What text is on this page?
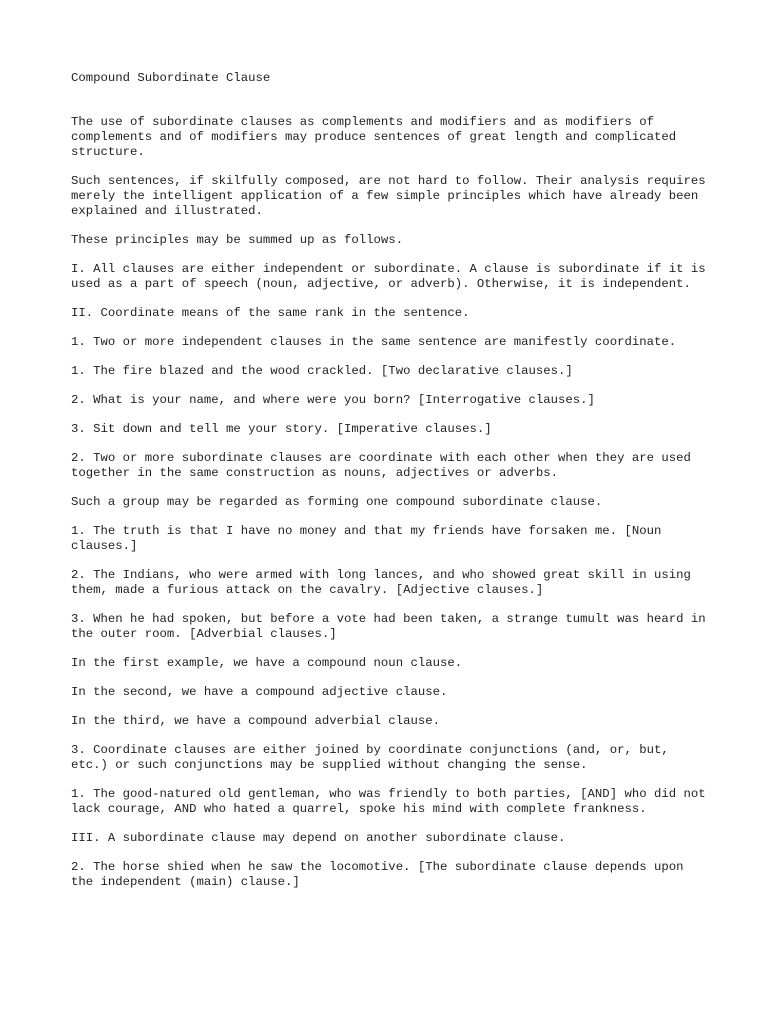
Compound Subordinate Clause

The use of subordinate clauses as complements and modifiers and as modifiers of complements and of modifiers may produce sentences of great length and complicated structure.

Such sentences, if skilfully composed, are not hard to follow. Their analysis requires merely the intelligent application of a few simple principles which have already been explained and illustrated.

These principles may be summed up as follows.

I. All clauses are either independent or subordinate. A clause is subordinate if it is used as a part of speech (noun, adjective, or adverb). Otherwise, it is independent.

II. Coordinate means of the same rank in the sentence.

1. Two or more independent clauses in the same sentence are manifestly coordinate.

1. The fire blazed and the wood crackled. [Two declarative clauses.]

2. What is your name, and where were you born? [Interrogative clauses.]

3. Sit down and tell me your story. [Imperative clauses.]

2. Two or more subordinate clauses are coordinate with each other when they are used together in the same construction as nouns, adjectives or adverbs.

Such a group may be regarded as forming one compound subordinate clause.

1. The truth is that I have no money and that my friends have forsaken me. [Noun clauses.]

2. The Indians, who were armed with long lances, and who showed great skill in using them, made a furious attack on the cavalry. [Adjective clauses.]

3. When he had spoken, but before a vote had been taken, a strange tumult was heard in the outer room. [Adverbial clauses.]

In the first example, we have a compound noun clause.

In the second, we have a compound adjective clause.

In the third, we have a compound adverbial clause.

3. Coordinate clauses are either joined by coordinate conjunctions (and, or, but, etc.) or such conjunctions may be supplied without changing the sense.

1. The good-natured old gentleman, who was friendly to both parties, [AND] who did not lack courage, AND who hated a quarrel, spoke his mind with complete frankness.

III. A subordinate clause may depend on another subordinate clause.

2. The horse shied when he saw the locomotive. [The subordinate clause depends upon the independent (main) clause.]
